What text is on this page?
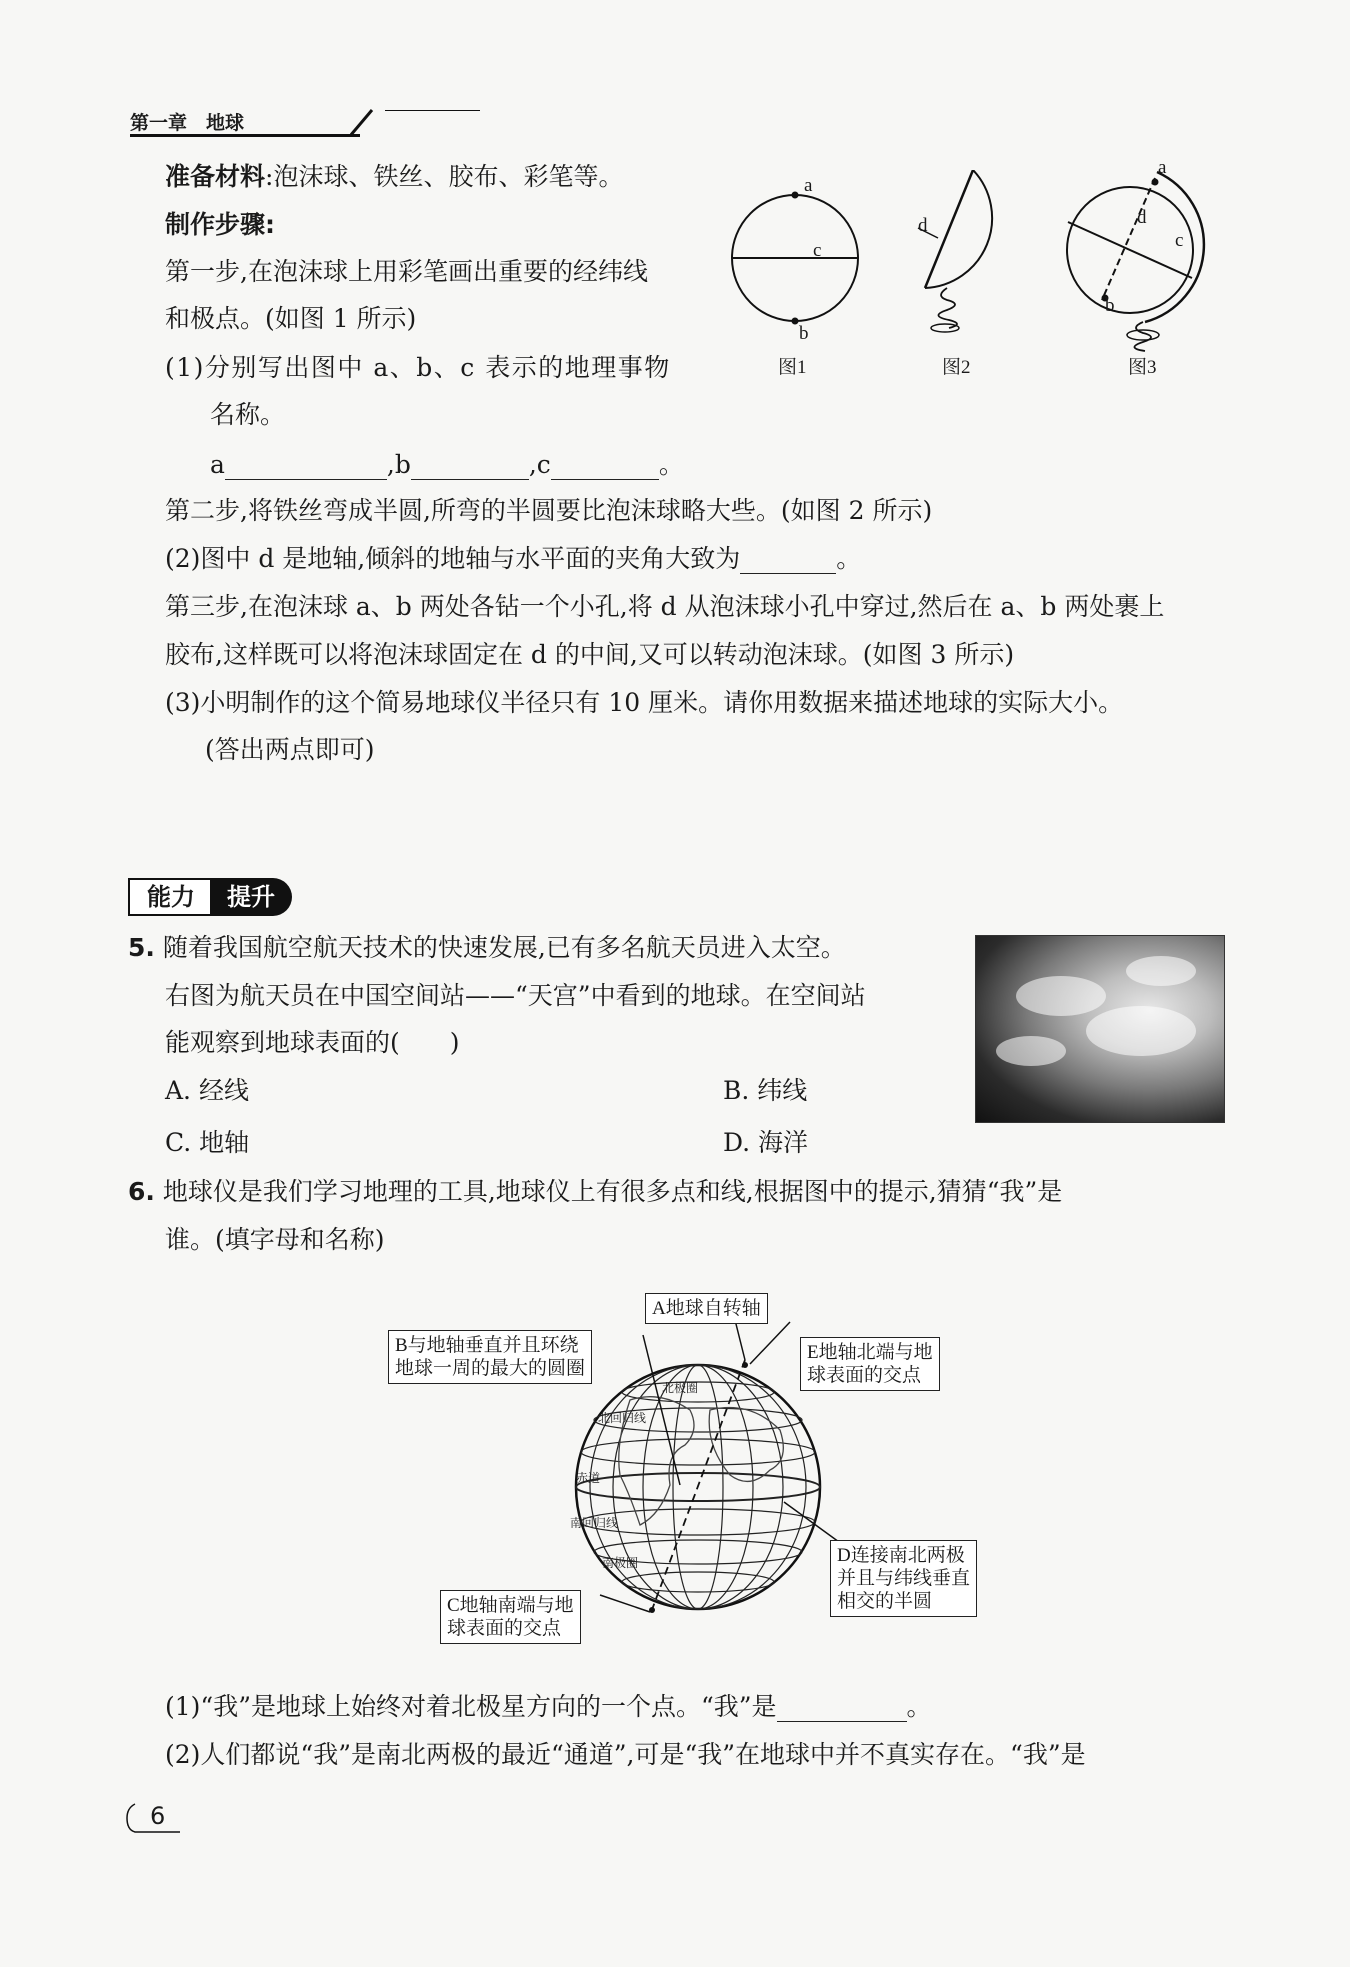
第一章　地球
准备材料:泡沫球、铁丝、胶布、彩笔等。
制作步骤:
第一步,在泡沫球上用彩笔画出重要的经纬线
和极点。(如图 1 所示)
(1)分别写出图中 a、b、c 表示的地理事物
名称。
a	,b	,c	。
第二步,将铁丝弯成半圆,所弯的半圆要比泡沫球略大些。(如图 2 所示)
(2)图中 d 是地轴,倾斜的地轴与水平面的夹角大致为	。
第三步,在泡沫球 a、b 两处各钻一个小孔,将 d 从泡沫球小孔中穿过,然后在 a、b 两处裹上
胶布,这样既可以将泡沫球固定在 d 的中间,又可以转动泡沫球。(如图 3 所示)
(3)小明制作的这个简易地球仪半径只有 10 厘米。请你用数据来描述地球的实际大小。
(答出两点即可)
a
c
b
图1
d
图2
a
d
c
b
图3
能力	提升
5. 随着我国航空航天技术的快速发展,已有多名航天员进入太空。
右图为航天员在中国空间站——“天宫”中看到的地球。在空间站
能观察到地球表面的(　　)
A. 经线	B. 纬线
C. 地轴	D. 海洋
6. 地球仪是我们学习地理的工具,地球仪上有很多点和线,根据图中的提示,猜猜“我”是
谁。(填字母和名称)
北极圈
北回归线
赤道
南回归线
南极圈
A地球自转轴
B与地轴垂直并且环绕
地球一周的最大的圆圈
E地轴北端与地
球表面的交点
D连接南北两极
并且与纬线垂直
相交的半圆
C地轴南端与地
球表面的交点
(1)“我”是地球上始终对着北极星方向的一个点。“我”是	。
(2)人们都说“我”是南北两极的最近“通道”,可是“我”在地球中并不真实存在。“我”是
6
